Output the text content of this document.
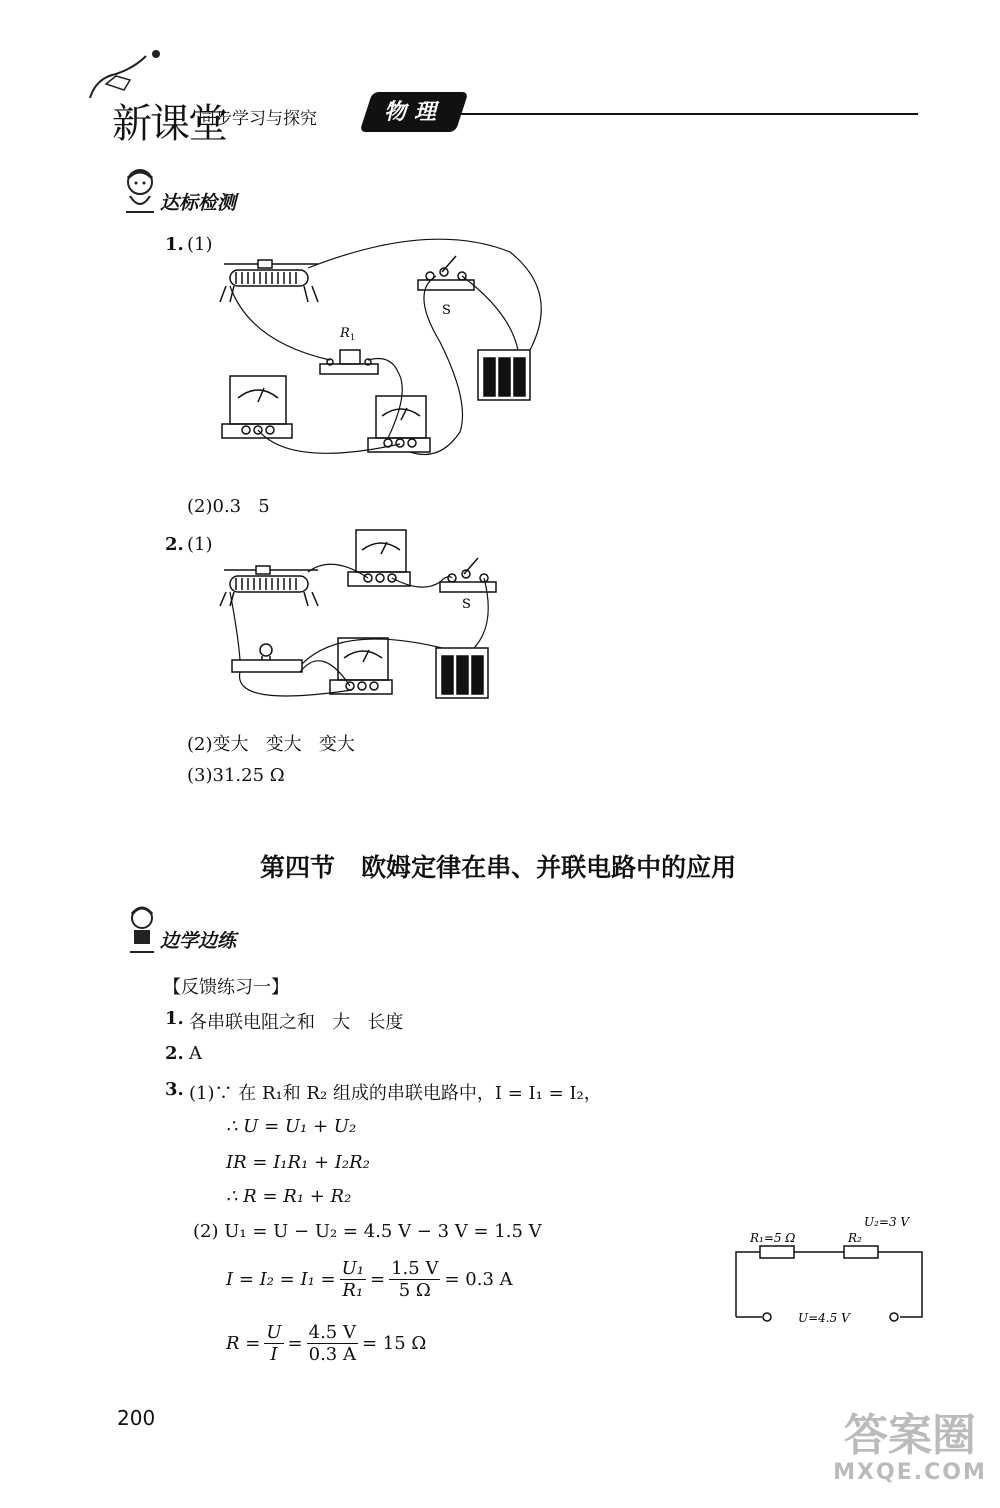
新课堂
同步学习与探究	物理
达标检测
1. (1)
R 1
S
(2)0.3   5
2. (1)
S
(2)变大   变大   变大
(3)31.25 Ω
第四节   欧姆定律在串、并联电路中的应用
边学边练
【反馈练习一】
1. 各串联电阻之和   大   长度
2. A
3. (1)∵ 在 R₁和 R₂ 组成的串联电路中，I = I₁ = I₂，
∴ U = U₁ + U₂
IR = I₁R₁ + I₂R₂
∴ R = R₁ + R₂
(2) U₁ = U − U₂ = 4.5 V − 3 V = 1.5 V
$I = I_2 = I_1 = \frac{\text{U₁}}{\text{R₁}} = \frac{1.5 V}{5 \Omega} = 0.3$ A
$R = \frac{U}{I} = \frac{4.5 V}{0.3 A} = 15$ Ω
R₁=5 Ω	R₂
U₂=3 V
U=4.5 V
200	答案圈
MXQE.COM
